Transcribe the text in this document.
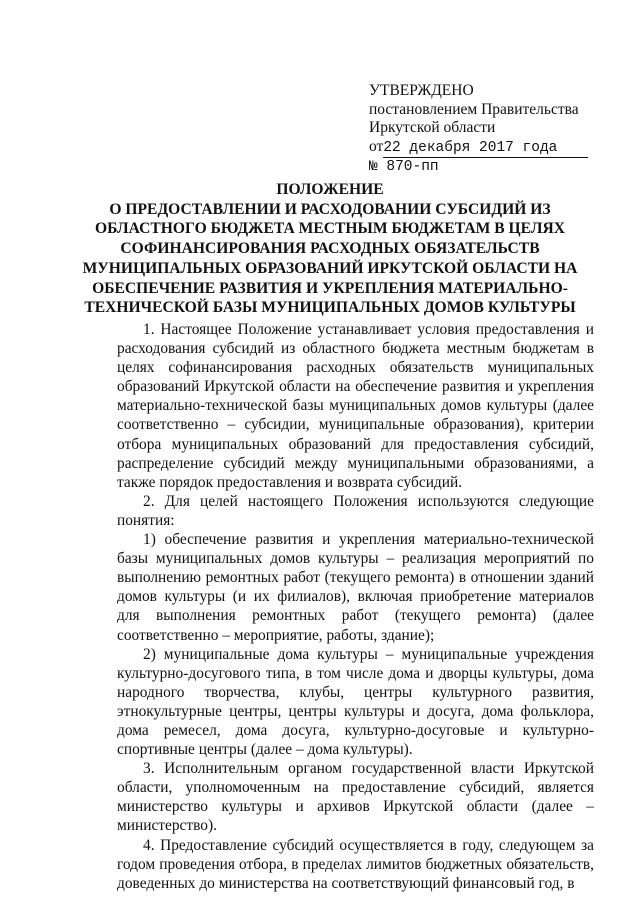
УТВЕРЖДЕНО
постановлением Правительства
Иркутской области
от22 декабря 2017 года
№ 870-пп
ПОЛОЖЕНИЕ
О ПРЕДОСТАВЛЕНИИ И РАСХОДОВАНИИ СУБСИДИЙ ИЗ
ОБЛАСТНОГО БЮДЖЕТА МЕСТНЫМ БЮДЖЕТАМ В ЦЕЛЯХ
СОФИНАНСИРОВАНИЯ РАСХОДНЫХ ОБЯЗАТЕЛЬСТВ
МУНИЦИПАЛЬНЫХ ОБРАЗОВАНИЙ ИРКУТСКОЙ ОБЛАСТИ НА
ОБЕСПЕЧЕНИЕ РАЗВИТИЯ И УКРЕПЛЕНИЯ МАТЕРИАЛЬНО-
ТЕХНИЧЕСКОЙ БАЗЫ МУНИЦИПАЛЬНЫХ ДОМОВ КУЛЬТУРЫ

1. Настоящее Положение устанавливает условия предоставления и расходования субсидий из областного бюджета местным бюджетам в целях софинансирования расходных обязательств муниципальных образований Иркутской области на обеспечение развития и укрепления материально-технической базы муниципальных домов культуры (далее соответственно – субсидии, муниципальные образования), критерии отбора муниципальных образований для предоставления субсидий, распределение субсидий между муниципальными образованиями, а также порядок предоставления и возврата субсидий.

2. Для целей настоящего Положения используются следующие понятия:

1) обеспечение развития и укрепления материально-технической базы муниципальных домов культуры – реализация мероприятий по выполнению ремонтных работ (текущего ремонта) в отношении зданий домов культуры (и их филиалов), включая приобретение материалов для выполнения ремонтных работ (текущего ремонта) (далее соответственно – мероприятие, работы, здание);

2) муниципальные дома культуры – муниципальные учреждения культурно-досугового типа, в том числе дома и дворцы культуры, дома народного творчества, клубы, центры культурного развития, этнокультурные центры, центры культуры и досуга, дома фольклора, дома ремесел, дома досуга, культурно-досуговые и культурно-спортивные центры (далее – дома культуры).

3. Исполнительным органом государственной власти Иркутской области, уполномоченным на предоставление субсидий, является министерство культуры и архивов Иркутской области (далее – министерство).

4. Предоставление субсидий осуществляется в году, следующем за годом проведения отбора, в пределах лимитов бюджетных обязательств, доведенных до министерства на соответствующий финансовый год, в
